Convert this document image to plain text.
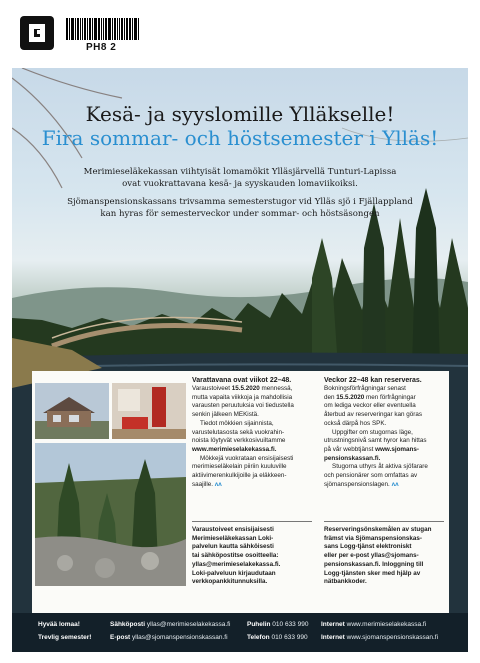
PH8 2
Kesä- ja syyslomille Ylläkselle!
Fira sommar- och höstsemester i Ylläs!

Merimieseläkekassan viihtyisät lomamökit Ylläsjärvellä Tunturi-Lapissa

ovat vuokrattavana kesä- ja syyskauden lomaviikoiksi.

Sjömanspensionskassans trivsamma semesterstugor vid Ylläs sjö i Fjällappland

kan hyras för semesterveckor under sommar- och höstsäsongen

Varattavana ovat viikot 22–48.

Varaustoiveet 15.5.2020 mennessä,

mutta vapaita viikkoja ja mahdollisia

varausten peruutuksia voi tiedustella

senkin jälkeen MEKistä.

Tiedot mökkien sijainnista,

varustelutasosta sekä vuokrahin-

noista löytyvät verkkosivuiltamme

www.merimieselakekassa.fi.

Mökkejä vuokrataan ensisijaisesti

merimieseläkelain piiriin kuuluville

aktiivimerenkulkijoille ja eläkkeen-

saajille. ʌʌ

Varaustoiveet ensisijaisesti

Merimieseläkekassan Loki-

palvelun kautta sähköisesti

tai sähköpostitse osoitteella:

yllas@merimieselakekassa.fi.

Loki-palveluun kirjaudutaan

verkkopankkitunnuksilla.

Veckor 22–48 kan reserveras.

Bokningsförfrågningar senast

den 15.5.2020 men förfrågningar

om lediga veckor eller eventuella

återbud av reserveringar kan göras

också därpå hos SPK.

Uppgifter om stugornas läge,

utrustningsnivå samt hyror kan hittas

på vår webbtjänst www.sjomans-

pensionskassan.fi.

Stugorna uthyrs åt aktiva sjöfarare

och pensionärer som omfattas av

sjömanspensionslagen. ʌʌ

Reserveringsönskemålen av stugan

främst via Sjömanspensionskas-

sans Logg-tjänst elektroniskt

eller per e-post yllas@sjomans-

pensionskassan.fi. Inloggning till

Logg-tjänsten sker med hjälp av

nätbankkoder.

Hyvää lomaa!
Trevlig semester!
Sähköposti yllas@merimieselakekassa.fi
E-post yllas@sjomanspensionskassan.fi
Puhelin 010 633 990
Telefon 010 633 990
Internet www.merimieselakekassa.fi
Internet www.sjomanspensionskassan.fi
